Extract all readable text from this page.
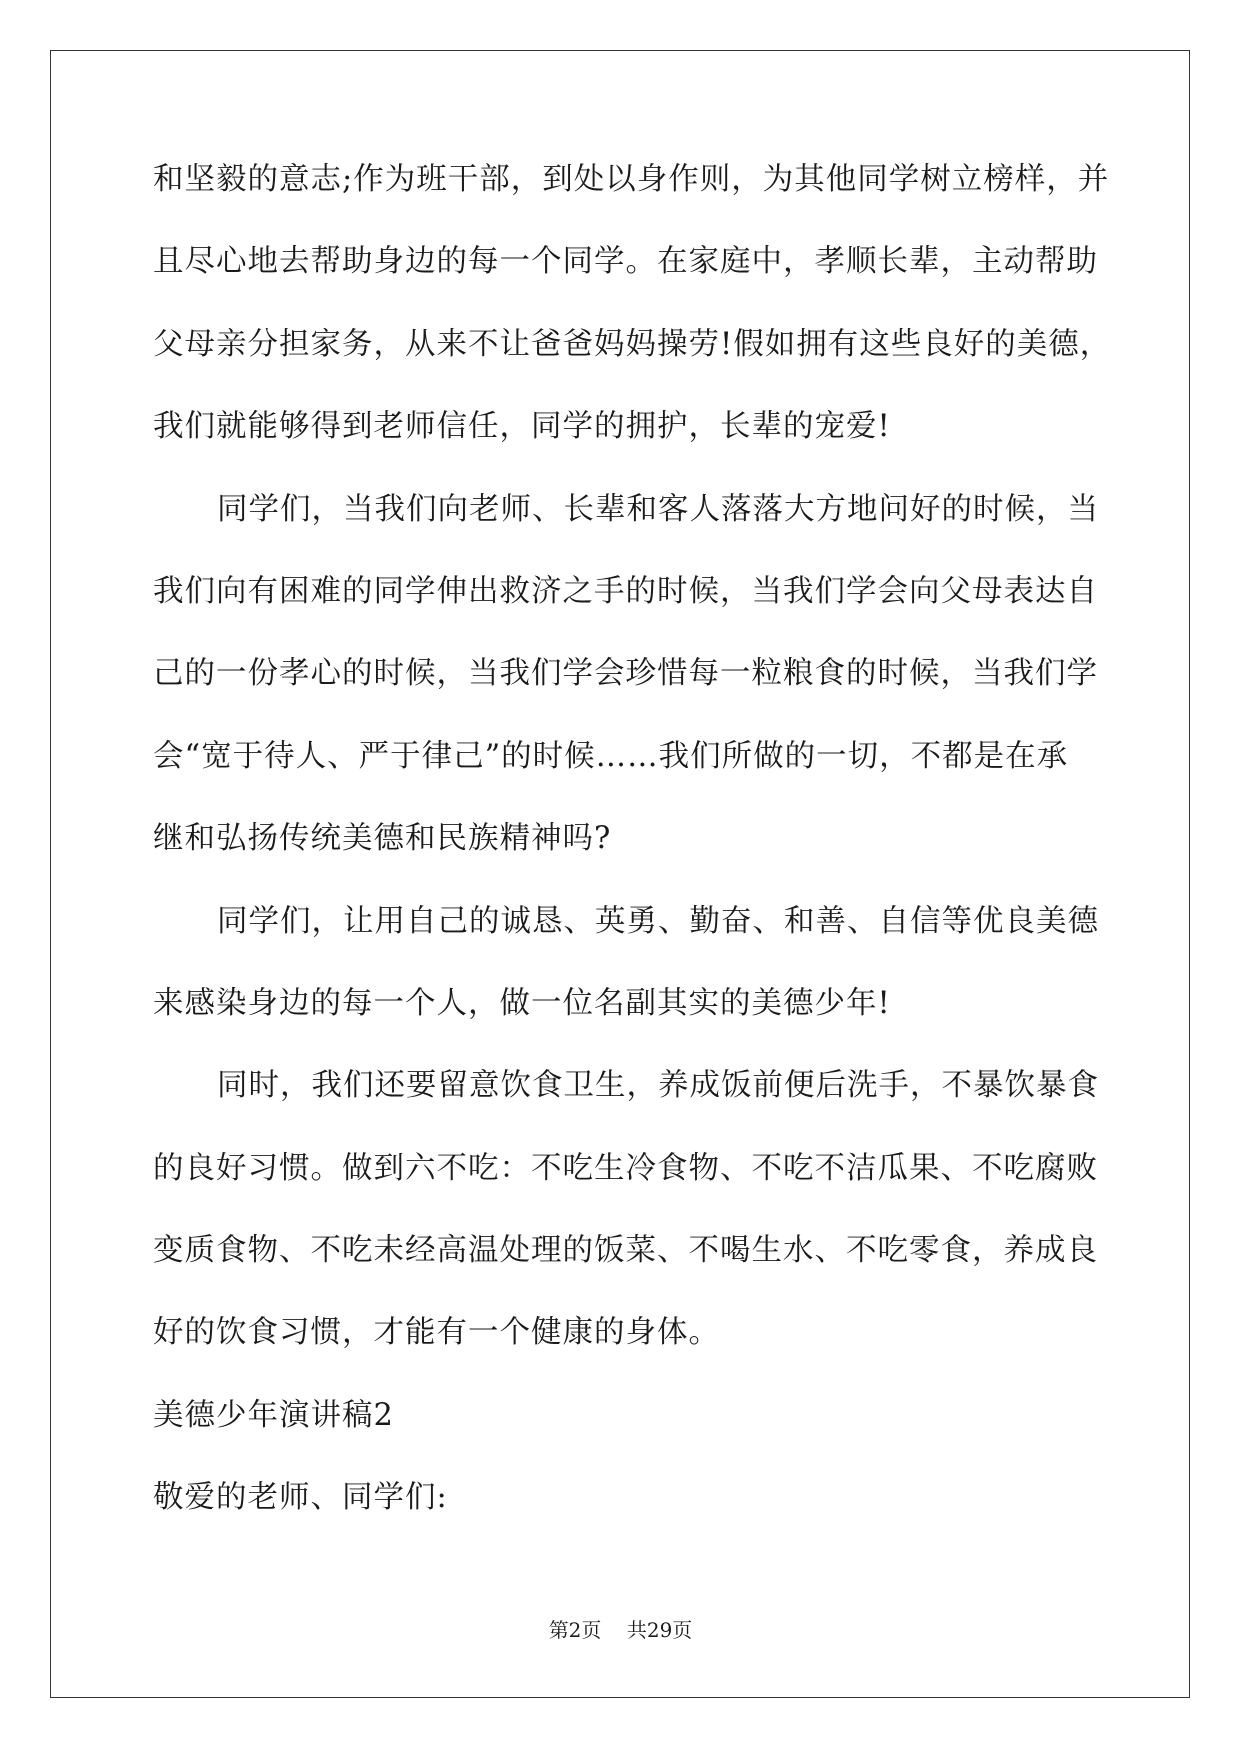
和坚毅的意志;作为班干部，到处以身作则，为其他同学树立榜样，并
且尽心地去帮助身边的每一个同学。在家庭中，孝顺长辈，主动帮助
父母亲分担家务，从来不让爸爸妈妈操劳!假如拥有这些良好的美德，
我们就能够得到老师信任，同学的拥护，长辈的宠爱!
同学们，当我们向老师、长辈和客人落落大方地问好的时候，当
我们向有困难的同学伸出救济之手的时候，当我们学会向父母表达自
己的一份孝心的时候，当我们学会珍惜每一粒粮食的时候，当我们学
会“宽于待人、严于律己”的时候……我们所做的一切，不都是在承
继和弘扬传统美德和民族精神吗?
同学们，让用自己的诚恳、英勇、勤奋、和善、自信等优良美德
来感染身边的每一个人，做一位名副其实的美德少年!
同时，我们还要留意饮食卫生，养成饭前便后洗手，不暴饮暴食
的良好习惯。做到六不吃：不吃生冷食物、不吃不洁瓜果、不吃腐败
变质食物、不吃未经高温处理的饭菜、不喝生水、不吃零食，养成良
好的饮食习惯，才能有一个健康的身体。
美德少年演讲稿2
敬爱的老师、同学们:
第2页    共29页
